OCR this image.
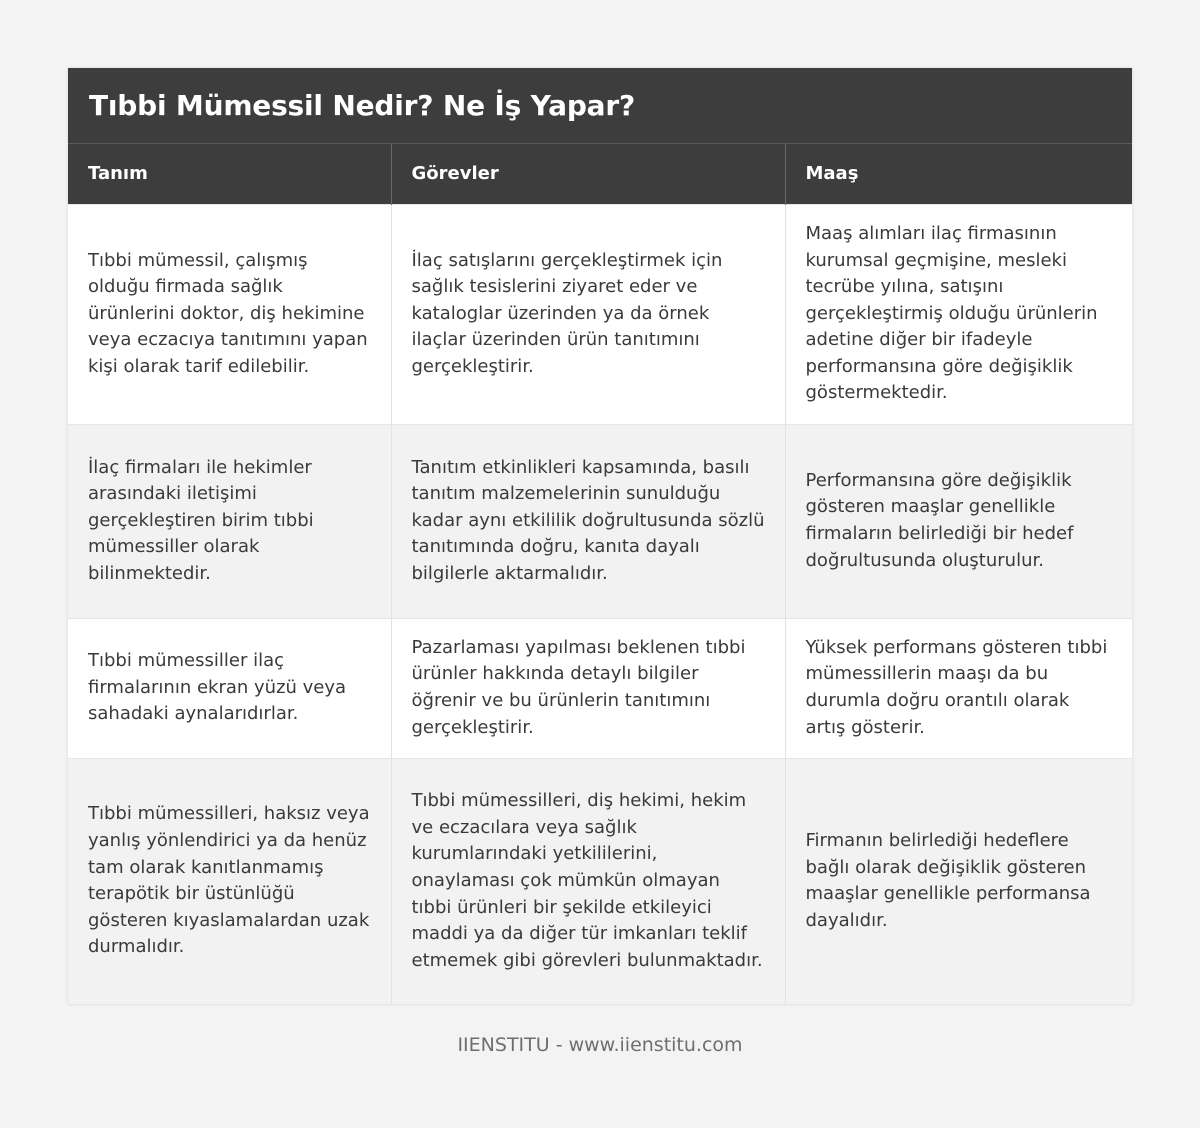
Tıbbi Mümessil Nedir? Ne İş Yapar?
Tanım	Görevler	Maaş
Tıbbi mümessil, çalışmış olduğu firmada sağlık ürünlerini doktor, diş hekimine veya eczacıya tanıtımını yapan kişi olarak tarif edilebilir.	İlaç satışlarını gerçekleştirmek için sağlık tesislerini ziyaret eder ve kataloglar üzerinden ya da örnek ilaçlar üzerinden ürün tanıtımını gerçekleştirir.	Maaş alımları ilaç firmasının kurumsal geçmişine, mesleki tecrübe yılına, satışını gerçekleştirmiş olduğu ürünlerin adetine diğer bir ifadeyle performansına göre değişiklik göstermektedir.
İlaç firmaları ile hekimler arasındaki iletişimi gerçekleştiren birim tıbbi mümessiller olarak bilinmektedir.	Tanıtım etkinlikleri kapsamında, basılı tanıtım malzemelerinin sunulduğu kadar aynı etkililik doğrultusunda sözlü tanıtımında doğru, kanıta dayalı bilgilerle aktarmalıdır.	Performansına göre değişiklik gösteren maaşlar genellikle firmaların belirlediği bir hedef doğrultusunda oluşturulur.
Tıbbi mümessiller ilaç firmalarının ekran yüzü veya sahadaki aynalarıdırlar.	Pazarlaması yapılması beklenen tıbbi ürünler hakkında detaylı bilgiler öğrenir ve bu ürünlerin tanıtımını gerçekleştirir.	Yüksek performans gösteren tıbbi mümessillerin maaşı da bu durumla doğru orantılı olarak artış gösterir.
Tıbbi mümessilleri, haksız veya yanlış yönlendirici ya da henüz tam olarak kanıtlanmamış terapötik bir üstünlüğü gösteren kıyaslamalardan uzak durmalıdır.	Tıbbi mümessilleri, diş hekimi, hekim ve eczacılara veya sağlık kurumlarındaki yetkililerini, onaylaması çok mümkün olmayan tıbbi ürünleri bir şekilde etkileyici maddi ya da diğer tür imkanları teklif etmemek gibi görevleri bulunmaktadır.	Firmanın belirlediği hedeflere bağlı olarak değişiklik gösteren maaşlar genellikle performansa dayalıdır.
IIENSTITU - www.iienstitu.com
